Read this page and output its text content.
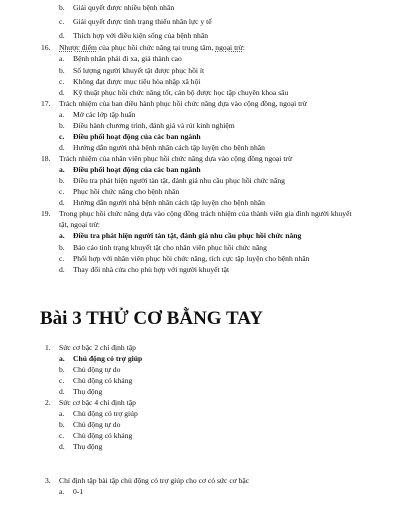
b. Giải quyết được nhiều bệnh nhân
c. Giải quyết được tình trạng thiếu nhân lực y tế
d. Thích hợp với điều kiện sống của bệnh nhân
16. Nhược điểm của phục hồi chức năng tại trung tâm, ngoại trừ:
a. Bệnh nhân phải đi xa, giá thành cao
b. Số lượng người khuyết tật được phục hồi ít
c. Không đạt được mục tiêu hòa nhập xã hội
d. Kỹ thuật phục hồi chức năng tốt, cán bộ được học tập chuyên khoa sâu
17. Trách nhiệm của ban điều hành phục hồi chức năng dựa vào cộng đồng, ngoại trừ
a. Mở các lớp tập huấn
b. Điều hành chương trình, đánh giá và rút kinh nghiệm
c. Điều phối hoạt động của các ban ngành
d. Hướng dẫn người nhà bệnh nhân cách tập luyện cho bệnh nhân
18. Trách nhiệm của nhân viên phục hồi chức năng dựa vào cộng đồng ngoại trừ
a. Điều phối hoạt động của các ban ngành
b. Điều tra phát hiện người tàn tật, đánh giá nhu cầu phục hồi chức năng
c. Phục hồi chức năng cho bệnh nhân
d. Hướng dẫn người nhà bệnh nhân cách tập luyện cho bệnh nhân
19. Trong phục hồi chức năng dựa vào cộng đồng trách nhiệm của thành viên gia đình người khuyết
tật, ngoại trừ:
a. Điều tra phát hiện người tàn tật, đánh giá nhu cầu phục hồi chức năng
b. Báo cáo tình trạng khuyết tật cho nhân viên phục hồi chức năng
c. Phối hợp với nhân viên phục hồi chức năng, tích cực tập luyện cho bệnh nhân
d. Thay đổi nhà cửa cho phù hợp với người khuyết tật
Bài 3 THỬ CƠ BẰNG TAY
1. Sức cơ bậc 2 chỉ định tập
a. Chủ động có trợ giúp
b. Chủ động tự do
c. Chủ động có kháng
d. Thụ động
2. Sức cơ bậc 4 chỉ định tập
a. Chủ động có trợ giúp
b. Chủ động tự do
c. Chủ động có kháng
d. Thụ động
3. Chỉ định tập bài tập chủ động có trợ giúp cho cơ có sức cơ bậc
a. 0-1
